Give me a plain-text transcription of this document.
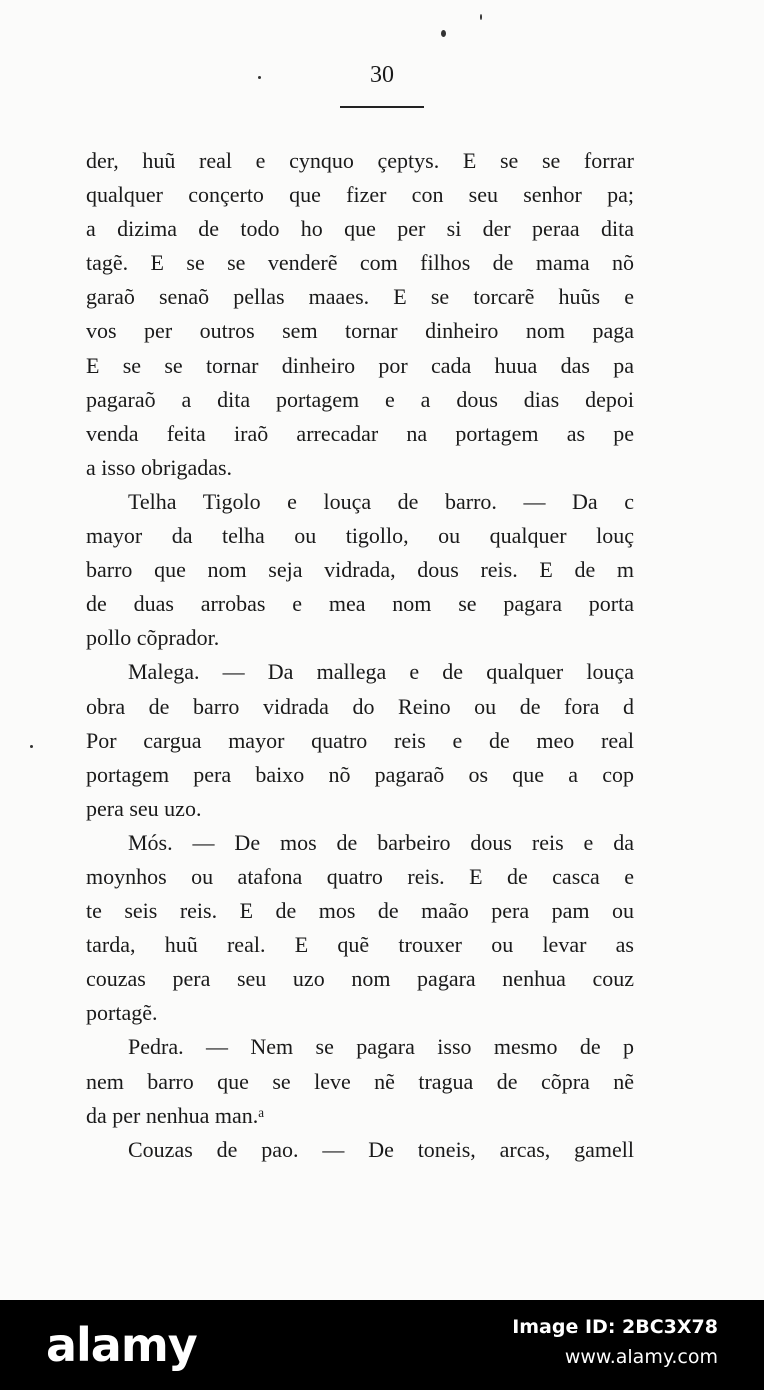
30
der, huũ real e cynquo çeptys. E se se forrar
qualquer conçerto que fizer con seu senhor pa;
a dizima de todo ho que per si der peraa dita
tagẽ. E se se venderẽ com filhos de mama nõ
garaõ senaõ pellas maaes. E se torcarẽ huũs e
vos per outros sem tornar dinheiro nom paga
E se se tornar dinheiro por cada huua das pa
pagaraõ a dita portagem e a dous dias depoi
venda feita iraõ arrecadar na portagem as pe
a isso obrigadas.
Telha Tigolo e louça de barro. — Da c
mayor da telha ou tigollo, ou qualquer louç
barro que nom seja vidrada, dous reis. E de m
de duas arrobas e mea nom se pagara porta
pollo cõprador.
Malega. — Da mallega e de qualquer louça
obra de barro vidrada do Reino ou de fora d
Por cargua mayor quatro reis e de meo real
portagem pera baixo nõ pagaraõ os que a cop
pera seu uzo.
Mós. — De mos de barbeiro dous reis e da
moynhos ou atafona quatro reis. E de casca e
te seis reis. E de mos de maão pera pam ou
tarda, huũ real. E quẽ trouxer ou levar as
couzas pera seu uzo nom pagara nenhua couz
portagẽ.
Pedra. — Nem se pagara isso mesmo de p
nem barro que se leve nẽ tragua de cõpra nẽ
da per nenhua man.ᵃ
Couzas de pao. — De toneis, arcas, gamell
alamy	Image ID: 2BC3X78
www.alamy.com
